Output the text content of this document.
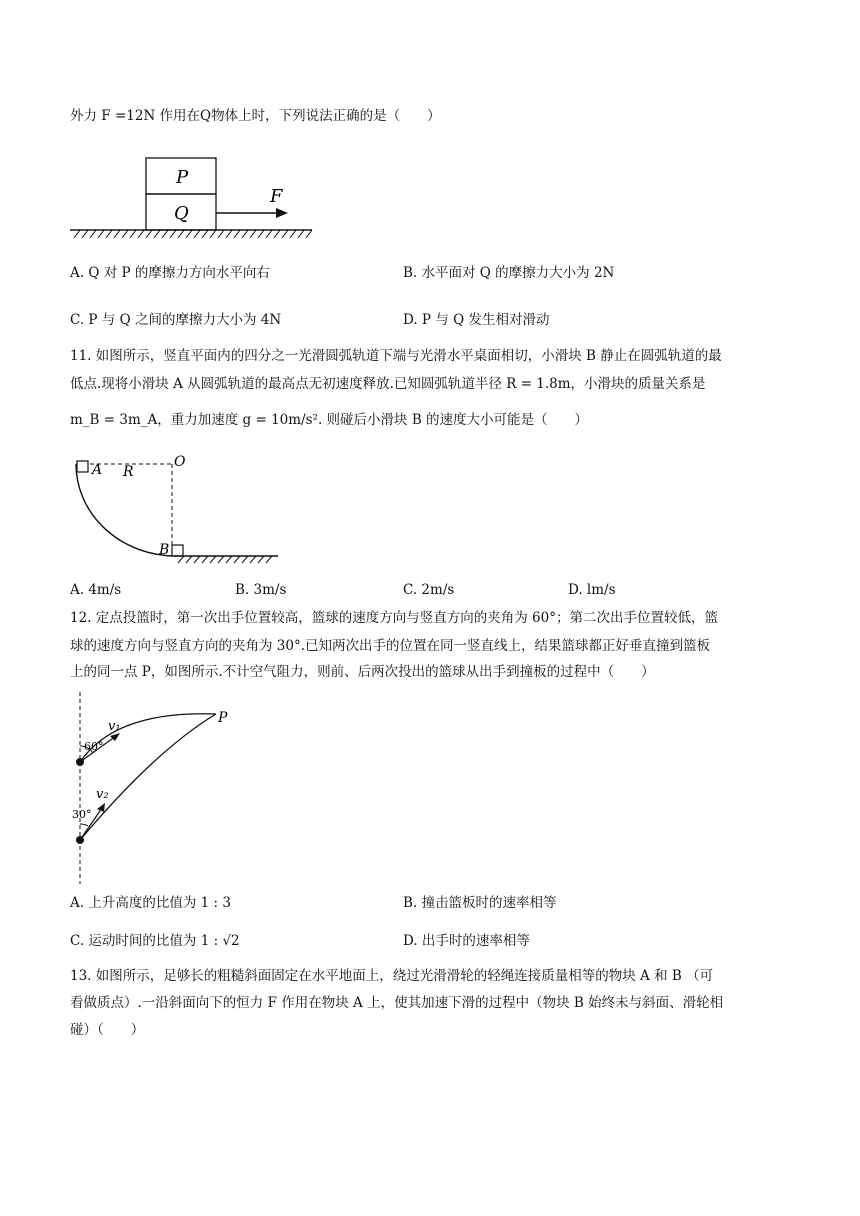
外力 F =12N 作用在Q物体上时，下列说法正确的是（　　）
P
Q
F
A. Q 对 P 的摩擦力方向水平向右	B. 水平面对 Q 的摩擦力大小为 2N
C. P 与 Q 之间的摩擦力大小为 4N	D. P 与 Q 发生相对滑动
11. 如图所示，竖直平面内的四分之一光滑圆弧轨道下端与光滑水平桌面相切，小滑块 B 静止在圆弧轨道的最
低点.现将小滑块 A 从圆弧轨道的最高点无初速度释放.已知圆弧轨道半径 R = 1.8m，小滑块的质量关系是
m_B = 3m_A，重力加速度 g = 10m/s². 则碰后小滑块 B 的速度大小可能是（　　）
A R
O
B
A. 4m/s	B. 3m/s	C. 2m/s	D. lm/s
12. 定点投篮时，第一次出手位置较高，篮球的速度方向与竖直方向的夹角为 60°；第二次出手位置较低，篮
球的速度方向与竖直方向的夹角为 30°.已知两次出手的位置在同一竖直线上，结果篮球都正好垂直撞到篮板
上的同一点 P，如图所示.不计空气阻力，则前、后两次投出的篮球从出手到撞板的过程中（　　）
v₁
v₂
60°
30°
P
A. 上升高度的比值为 1 : 3	B. 撞击篮板时的速率相等
C. 运动时间的比值为 1 : √2	D. 出手时的速率相等
13. 如图所示，足够长的粗糙斜面固定在水平地面上，绕过光滑滑轮的轻绳连接质量相等的物块 A 和 B （可
看做质点）.一沿斜面向下的恒力 F 作用在物块 A 上，使其加速下滑的过程中（物块 B 始终未与斜面、滑轮相
碰）（　　）
